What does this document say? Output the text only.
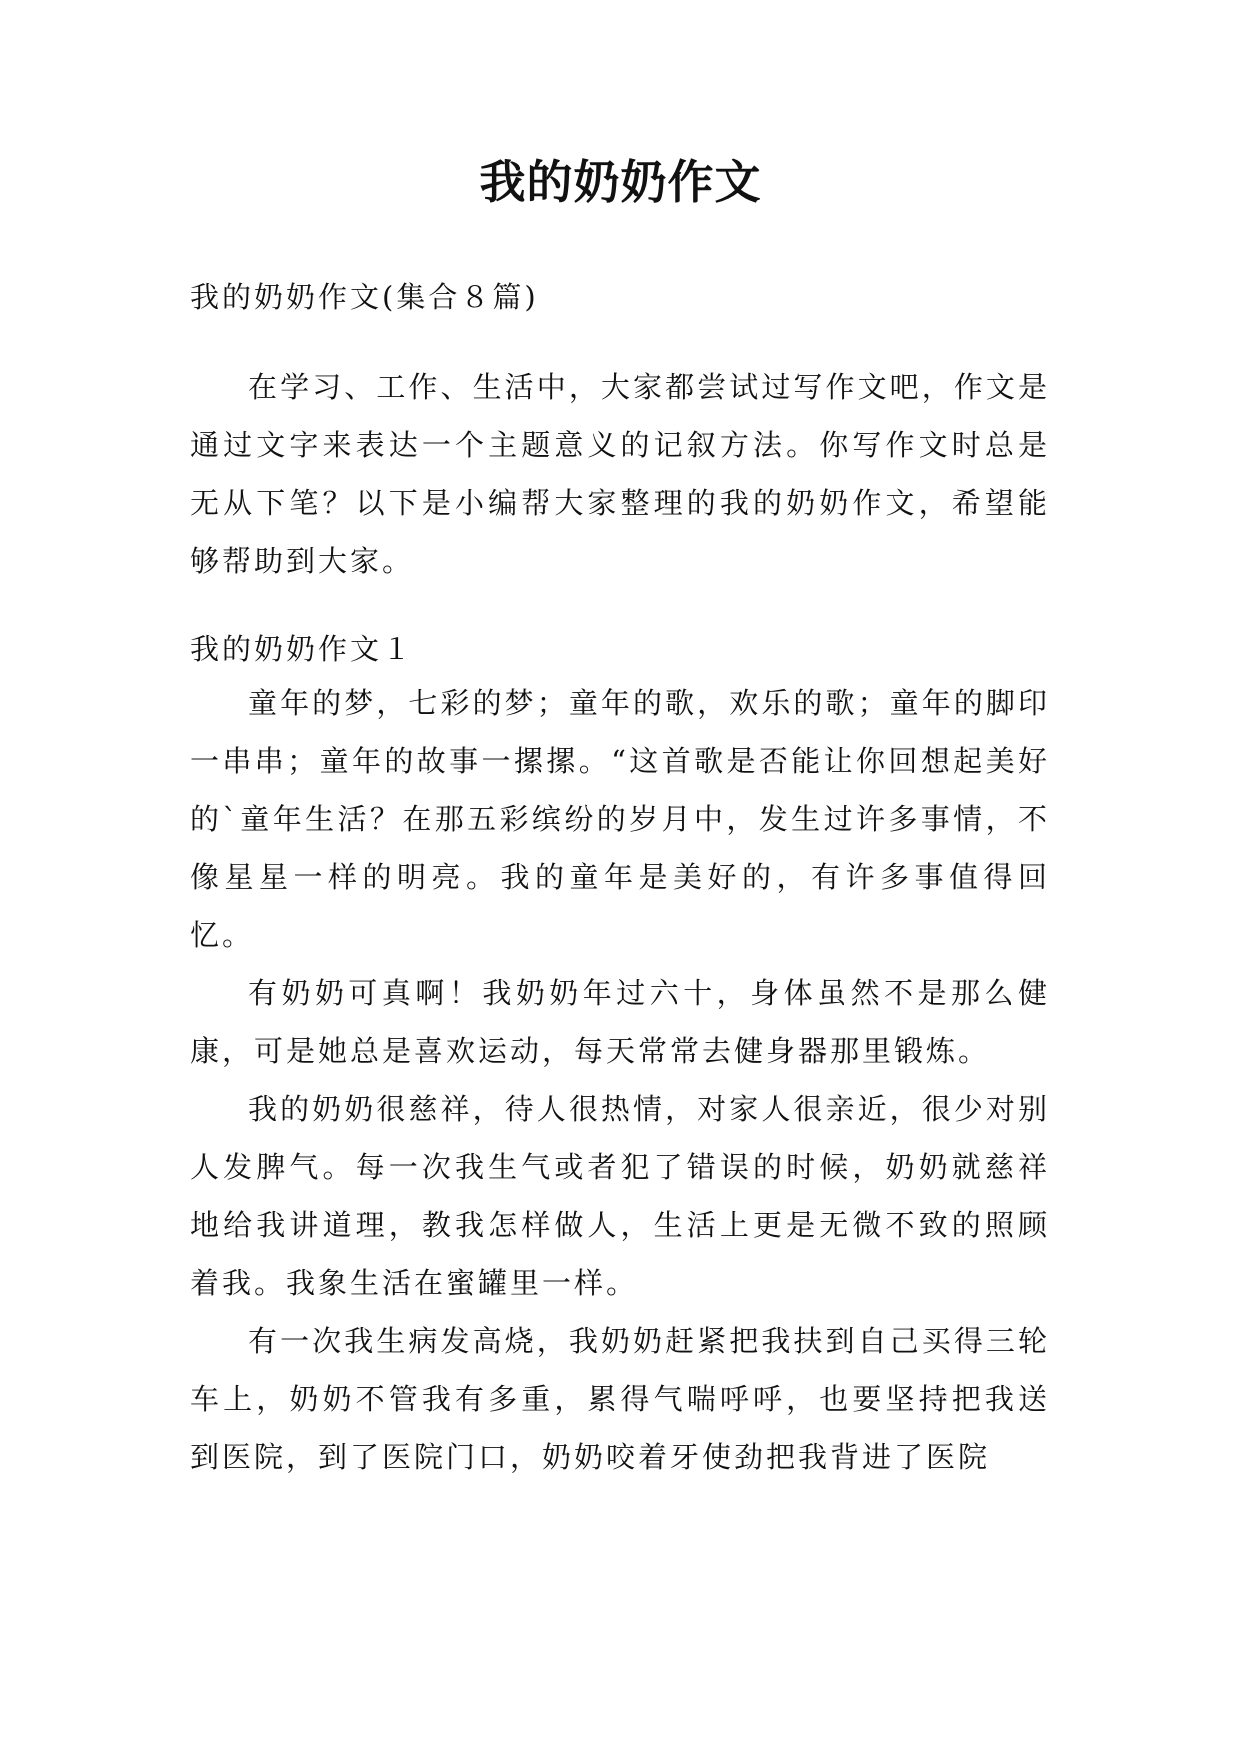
我的奶奶作文
我的奶奶作文(集合８篇)

在学习、工作、生活中，大家都尝试过写作文吧，作文是通过文字来表达一个主题意义的记叙方法。你写作文时总是无从下笔？以下是小编帮大家整理的我的奶奶作文，希望能够帮助到大家。

我的奶奶作文１

童年的梦，七彩的梦；童年的歌，欢乐的歌；童年的脚印一串串；童年的故事一摞摞。“这首歌是否能让你回想起美好的`童年生活？在那五彩缤纷的岁月中，发生过许多事情，不像星星一样的明亮。我的童年是美好的，有许多事值得回忆。

有奶奶可真啊！我奶奶年过六十，身体虽然不是那么健康，可是她总是喜欢运动，每天常常去健身器那里锻炼。

我的奶奶很慈祥，待人很热情，对家人很亲近，很少对别人发脾气。每一次我生气或者犯了错误的时候，奶奶就慈祥地给我讲道理，教我怎样做人，生活上更是无微不致的照顾着我。我象生活在蜜罐里一样。

有一次我生病发高烧，我奶奶赶紧把我扶到自己买得三轮车上，奶奶不管我有多重，累得气喘呼呼，也要坚持把我送到医院，到了医院门口，奶奶咬着牙使劲把我背进了医院
